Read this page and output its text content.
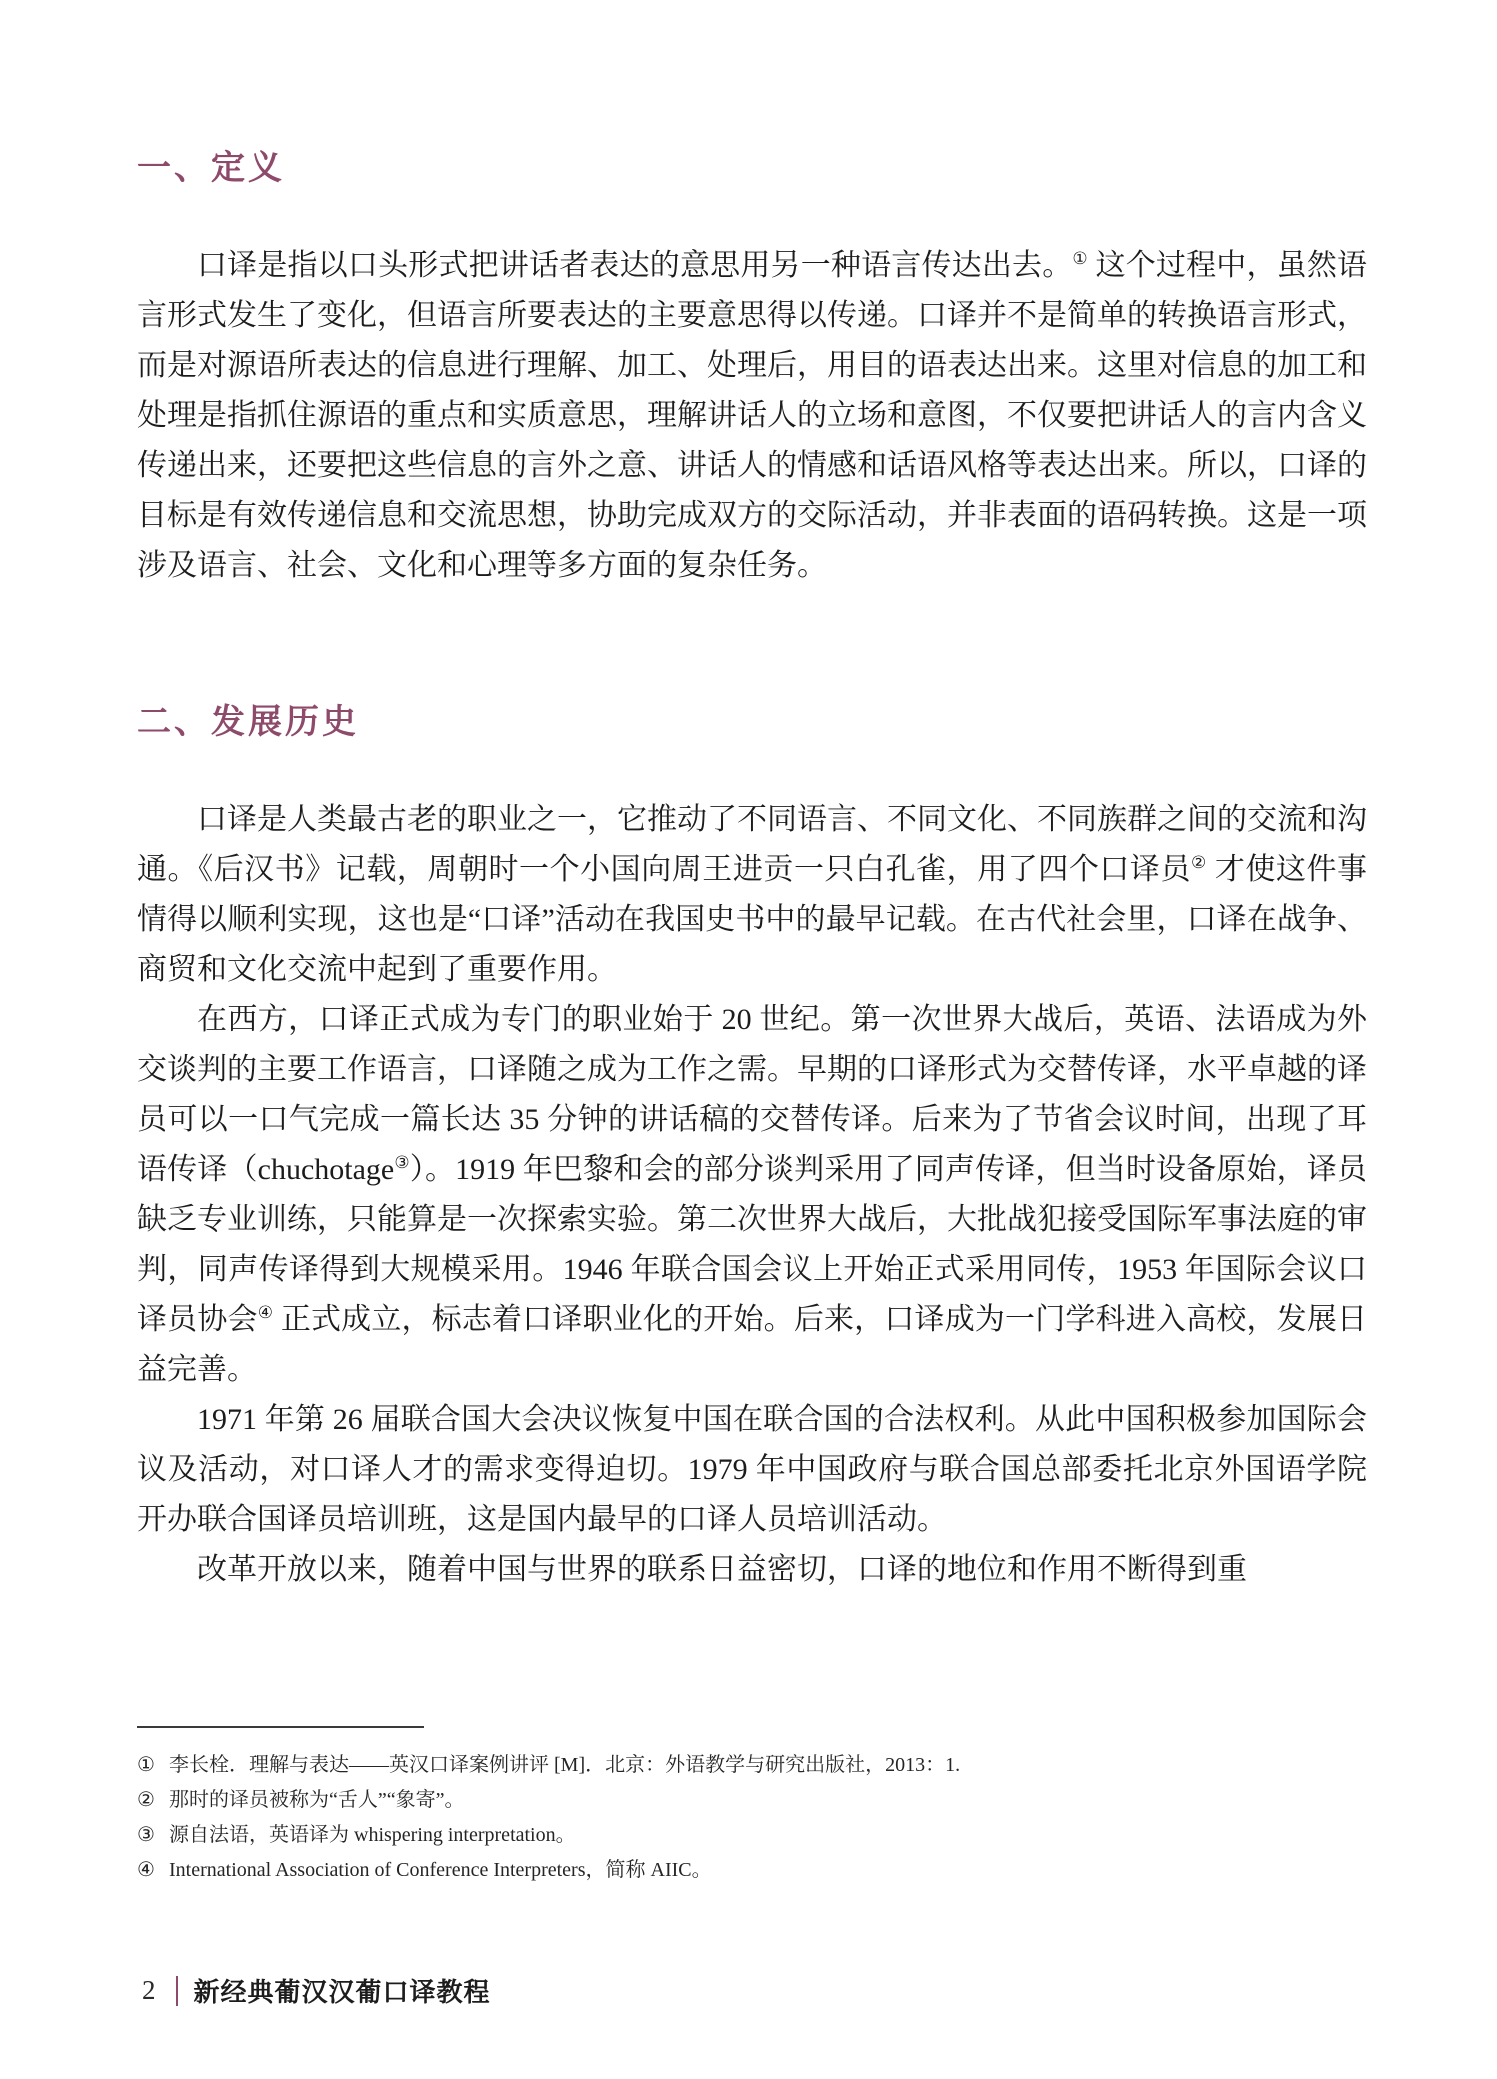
一、定义

口译是指以口头形式把讲话者表达的意思用另一种语言传达出去。① 这个过程中，虽然语言形式发生了变化，但语言所要表达的主要意思得以传递。口译并不是简单的转换语言形式，而是对源语所表达的信息进行理解、加工、处理后，用目的语表达出来。这里对信息的加工和处理是指抓住源语的重点和实质意思，理解讲话人的立场和意图，不仅要把讲话人的言内含义传递出来，还要把这些信息的言外之意、讲话人的情感和话语风格等表达出来。所以，口译的目标是有效传递信息和交流思想，协助完成双方的交际活动，并非表面的语码转换。这是一项涉及语言、社会、文化和心理等多方面的复杂任务。

二、发展历史

口译是人类最古老的职业之一，它推动了不同语言、不同文化、不同族群之间的交流和沟通。《后汉书》记载，周朝时一个小国向周王进贡一只白孔雀，用了四个口译员② 才使这件事情得以顺利实现，这也是“口译”活动在我国史书中的最早记载。在古代社会里，口译在战争、商贸和文化交流中起到了重要作用。

在西方，口译正式成为专门的职业始于 20 世纪。第一次世界大战后，英语、法语成为外交谈判的主要工作语言，口译随之成为工作之需。早期的口译形式为交替传译，水平卓越的译员可以一口气完成一篇长达 35 分钟的讲话稿的交替传译。后来为了节省会议时间，出现了耳语传译（chuchotage③）。1919 年巴黎和会的部分谈判采用了同声传译，但当时设备原始，译员缺乏专业训练，只能算是一次探索实验。第二次世界大战后，大批战犯接受国际军事法庭的审判，同声传译得到大规模采用。1946 年联合国会议上开始正式采用同传，1953 年国际会议口译员协会④ 正式成立，标志着口译职业化的开始。后来，口译成为一门学科进入高校，发展日益完善。

1971 年第 26 届联合国大会决议恢复中国在联合国的合法权利。从此中国积极参加国际会议及活动，对口译人才的需求变得迫切。1979 年中国政府与联合国总部委托北京外国语学院开办联合国译员培训班，这是国内最早的口译人员培训活动。

改革开放以来，随着中国与世界的联系日益密切，口译的地位和作用不断得到重

① 李长栓．理解与表达——英汉口译案例讲评 [M]．北京：外语教学与研究出版社，2013：1.
② 那时的译员被称为“舌人”“象寄”。
③ 源自法语，英语译为 whispering interpretation。
④ International Association of Conference Interpreters，简称 AIIC。
2 新经典葡汉汉葡口译教程
